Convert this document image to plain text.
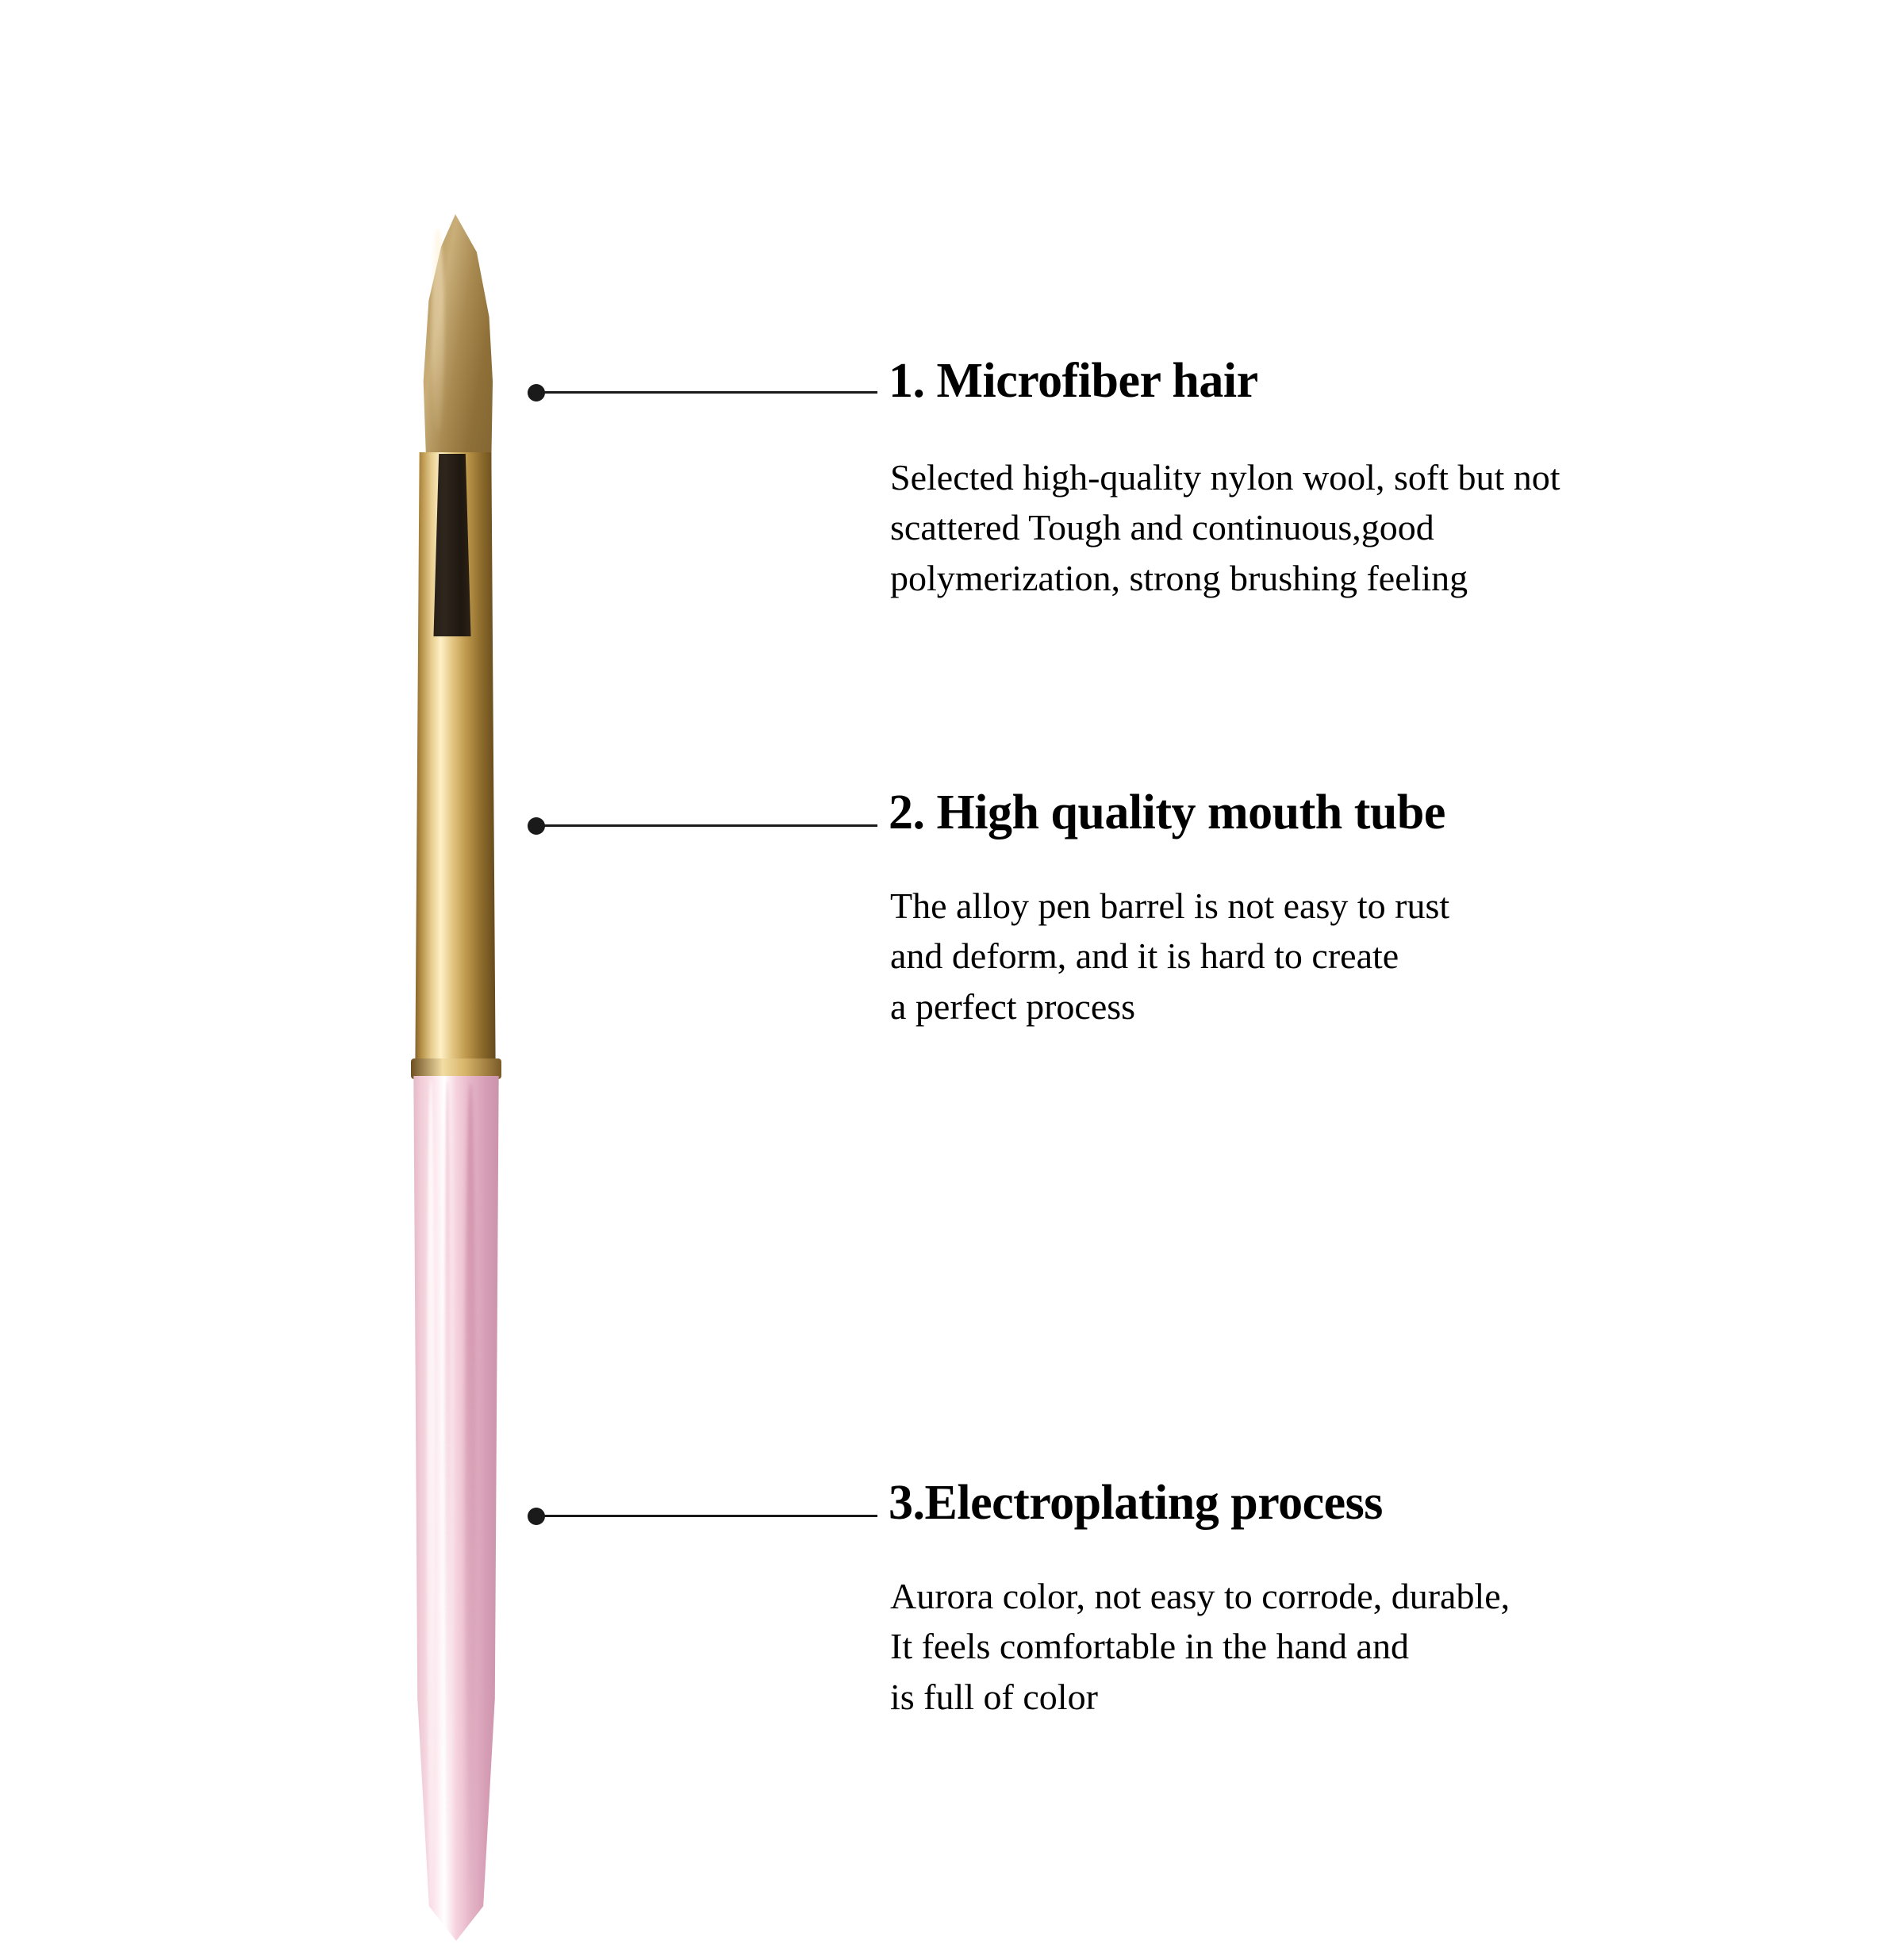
1. Microfiber hair
Selected high-quality nylon wool, soft but not
scattered Tough and continuous,good
polymerization, strong brushing feeling
2. High quality mouth tube
The alloy pen barrel is not easy to rust
and deform, and it is hard to create
a perfect process
3.Electroplating process
Aurora color, not easy to corrode, durable,
It feels comfortable in the hand and
is full of color
